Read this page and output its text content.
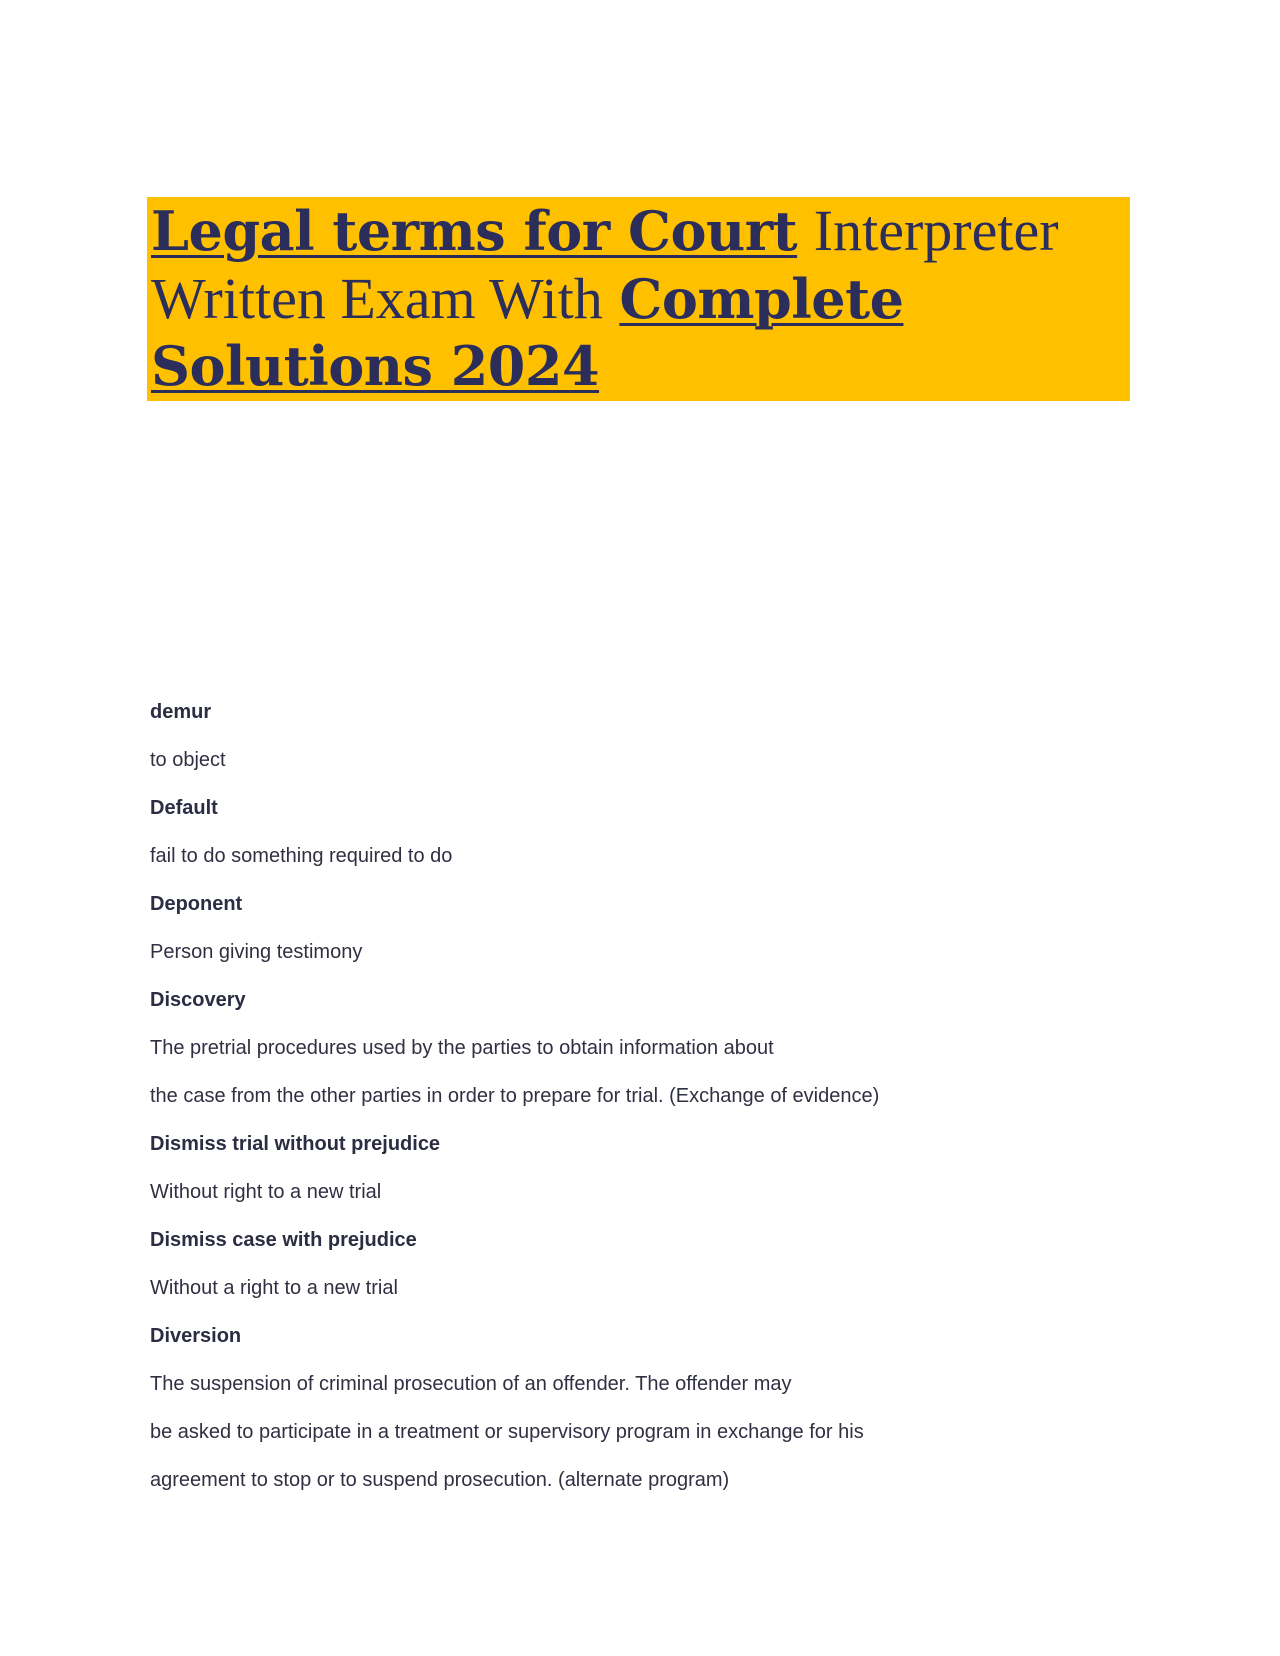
Legal terms for Court Interpreter Written Exam With Complete Solutions 2024

demur

to object

Default

fail to do something required to do

Deponent

Person giving testimony

Discovery

The pretrial procedures used by the parties to obtain information about

the case from the other parties in order to prepare for trial. (Exchange of evidence)

Dismiss trial without prejudice

Without right to a new trial

Dismiss case with prejudice

Without a right to a new trial

Diversion

The suspension of criminal prosecution of an offender. The offender may

be asked to participate in a treatment or supervisory program in exchange for his

agreement to stop or to suspend prosecution. (alternate program)
